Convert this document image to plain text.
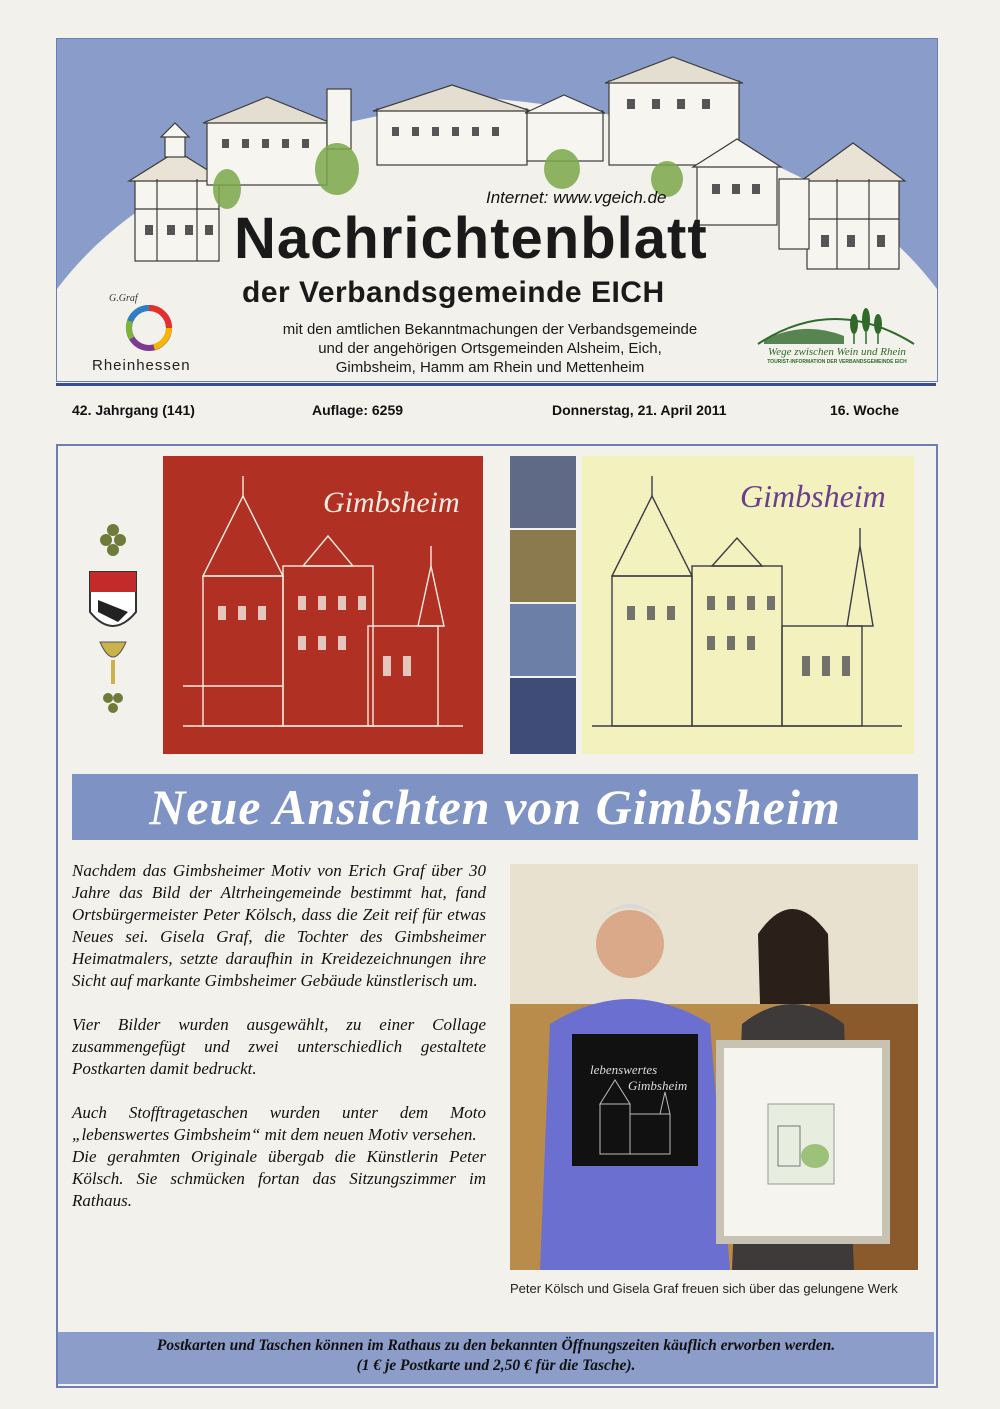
G.Graf
Internet: www.vgeich.de
Nachrichtenblatt
der Verbandsgemeinde EICH
mit den amtlichen Bekanntmachungen der Verbandsgemeinde
und der angehörigen Ortsgemeinden Alsheim, Eich,
Gimbsheim, Hamm am Rhein und Mettenheim
Rheinhessen
Wege zwischen Wein und Rhein
TOURIST-INFORMATION DER VERBANDSGEMEINDE EICH
42. Jahrgang (141)	Auflage: 6259	Donnerstag, 21. April 2011	16. Woche
Gimbsheim	Gimbsheim
Neue Ansichten von Gimbsheim

Nachdem das Gimbsheimer Motiv von Erich Graf über 30 Jahre das Bild der Altrheingemeinde bestimmt hat, fand Ortsbürgermeister Peter Kölsch, dass die Zeit reif für etwas Neues sei. Gisela Graf, die Tochter des Gimbsheimer Heimatmalers, setzte daraufhin in Kreidezeichnungen ihre Sicht auf markante Gimbsheimer Gebäude künstlerisch um.

Vier Bilder wurden ausgewählt, zu einer Collage zusammengefügt und zwei unterschiedlich gestaltete Postkarten damit bedruckt.

Auch Stofftragetaschen wurden unter dem Moto „lebenswertes Gimbsheim“ mit dem neuen Motiv versehen.

Die gerahmten Originale übergab die Künstlerin Peter Kölsch. Sie schmücken fortan das Sitzungszimmer im Rathaus.

lebenswertes
Gimbsheim
Peter Kölsch und Gisela Graf freuen sich über das gelungene Werk
Postkarten und Taschen können im Rathaus zu den bekannten Öffnungszeiten käuflich erworben werden.
(1 € je Postkarte und 2,50 € für die Tasche).
